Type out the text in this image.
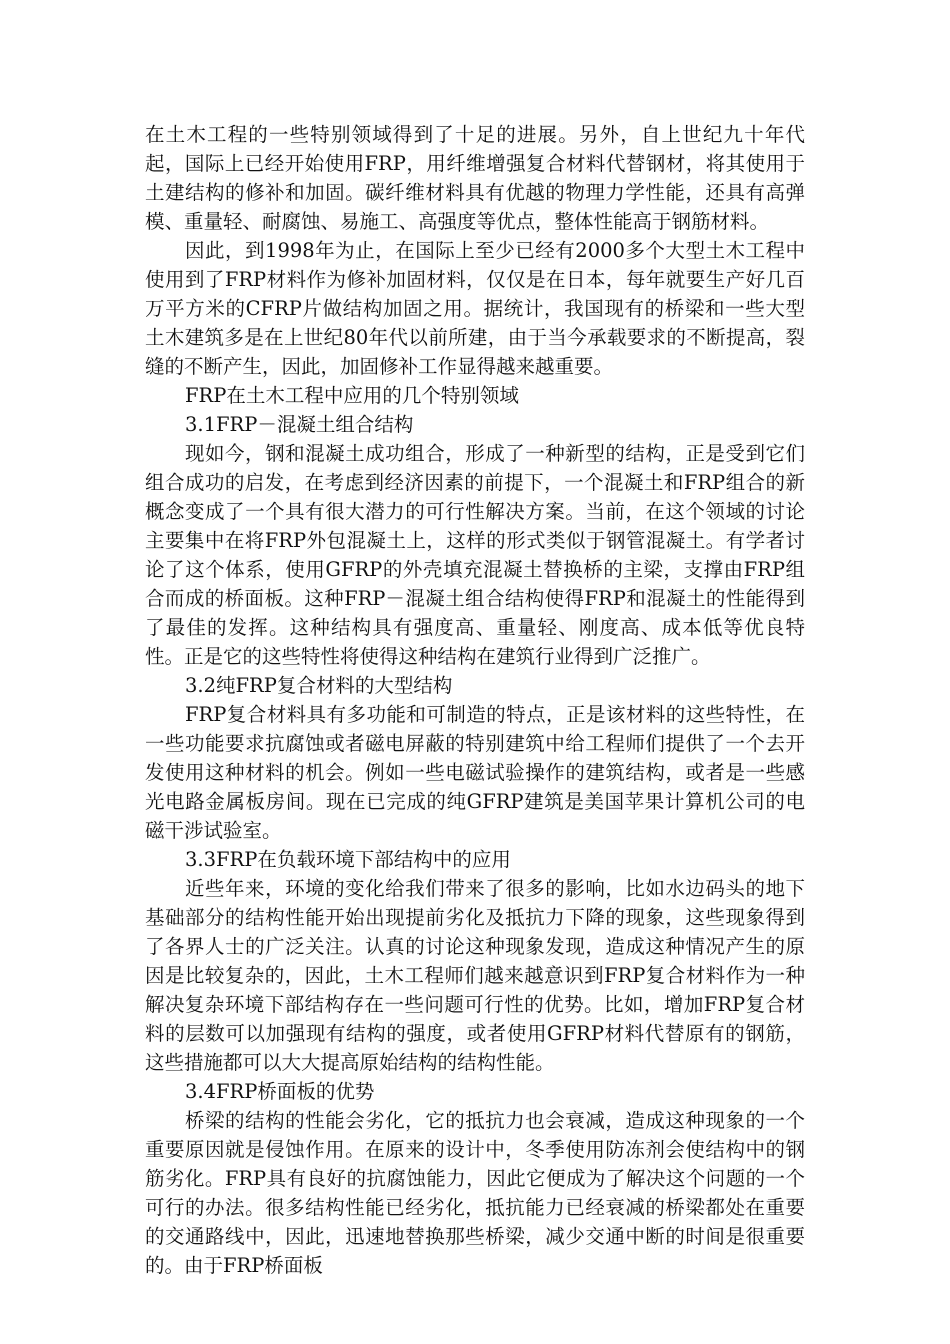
在土木工程的一些特别领域得到了十足的进展。另外，自上世纪九十年代起，国际上已经开始使用FRP，用纤维增强复合材料代替钢材，将其使用于土建结构的修补和加固。碳纤维材料具有优越的物理力学性能，还具有高弹模、重量轻、耐腐蚀、易施工、高强度等优点，整体性能高于钢筋材料。

因此，到1998年为止，在国际上至少已经有2000多个大型土木工程中使用到了FRP材料作为修补加固材料，仅仅是在日本，每年就要生产好几百万平方米的CFRP片做结构加固之用。据统计，我国现有的桥梁和一些大型土木建筑多是在上世纪80年代以前所建，由于当今承载要求的不断提高，裂缝的不断产生，因此，加固修补工作显得越来越重要。

FRP在土木工程中应用的几个特别领域

3.1FRP－混凝土组合结构

现如今，钢和混凝土成功组合，形成了一种新型的结构，正是受到它们组合成功的启发，在考虑到经济因素的前提下，一个混凝土和FRP组合的新概念变成了一个具有很大潜力的可行性解决方案。当前，在这个领域的讨论主要集中在将FRP外包混凝土上，这样的形式类似于钢管混凝土。有学者讨论了这个体系，使用GFRP的外壳填充混凝土替换桥的主梁，支撑由FRP组合而成的桥面板。这种FRP－混凝土组合结构使得FRP和混凝土的性能得到了最佳的发挥。这种结构具有强度高、重量轻、刚度高、成本低等优良特性。正是它的这些特性将使得这种结构在建筑行业得到广泛推广。

3.2纯FRP复合材料的大型结构

FRP复合材料具有多功能和可制造的特点，正是该材料的这些特性，在一些功能要求抗腐蚀或者磁电屏蔽的特别建筑中给工程师们提供了一个去开发使用这种材料的机会。例如一些电磁试验操作的建筑结构，或者是一些感光电路金属板房间。现在已完成的纯GFRP建筑是美国苹果计算机公司的电磁干涉试验室。

3.3FRP在负载环境下部结构中的应用

近些年来，环境的变化给我们带来了很多的影响，比如水边码头的地下基础部分的结构性能开始出现提前劣化及抵抗力下降的现象，这些现象得到了各界人士的广泛关注。认真的讨论这种现象发现，造成这种情况产生的原因是比较复杂的，因此，土木工程师们越来越意识到FRP复合材料作为一种解决复杂环境下部结构存在一些问题可行性的优势。比如，增加FRP复合材料的层数可以加强现有结构的强度，或者使用GFRP材料代替原有的钢筋，这些措施都可以大大提高原始结构的结构性能。

3.4FRP桥面板的优势

桥梁的结构的性能会劣化，它的抵抗力也会衰减，造成这种现象的一个重要原因就是侵蚀作用。在原来的设计中，冬季使用防冻剂会使结构中的钢筋劣化。FRP具有良好的抗腐蚀能力，因此它便成为了解决这个问题的一个可行的办法。很多结构性能已经劣化，抵抗能力已经衰减的桥梁都处在重要的交通路线中，因此，迅速地替换那些桥梁，减少交通中断的时间是很重要的。由于FRP桥面板
